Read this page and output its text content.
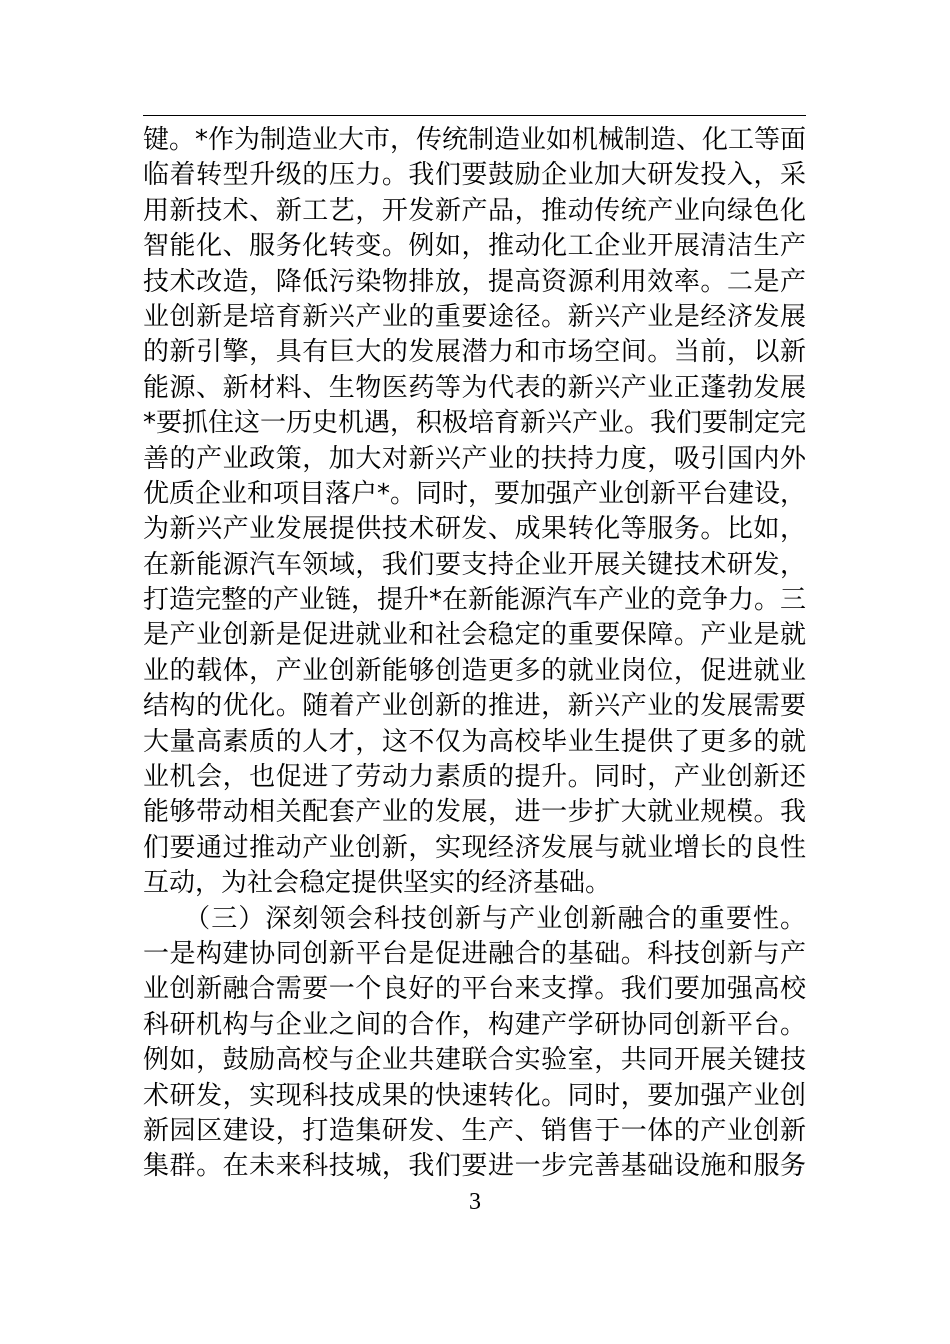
键。*作为制造业大市，传统制造业如机械制造、化工等面
临着转型升级的压力。我们要鼓励企业加大研发投入，采
用新技术、新工艺，开发新产品，推动传统产业向绿色化
智能化、服务化转变。例如，推动化工企业开展清洁生产
技术改造，降低污染物排放，提高资源利用效率。二是产
业创新是培育新兴产业的重要途径。新兴产业是经济发展
的新引擎，具有巨大的发展潜力和市场空间。当前，以新
能源、新材料、生物医药等为代表的新兴产业正蓬勃发展
*要抓住这一历史机遇，积极培育新兴产业。我们要制定完
善的产业政策，加大对新兴产业的扶持力度，吸引国内外
优质企业和项目落户*。同时，要加强产业创新平台建设，
为新兴产业发展提供技术研发、成果转化等服务。比如，
在新能源汽车领域，我们要支持企业开展关键技术研发，
打造完整的产业链，提升*在新能源汽车产业的竞争力。三
是产业创新是促进就业和社会稳定的重要保障。产业是就
业的载体，产业创新能够创造更多的就业岗位，促进就业
结构的优化。随着产业创新的推进，新兴产业的发展需要
大量高素质的人才，这不仅为高校毕业生提供了更多的就
业机会，也促进了劳动力素质的提升。同时，产业创新还
能够带动相关配套产业的发展，进一步扩大就业规模。我
们要通过推动产业创新，实现经济发展与就业增长的良性
互动，为社会稳定提供坚实的经济基础。
　　（三）深刻领会科技创新与产业创新融合的重要性。
一是构建协同创新平台是促进融合的基础。科技创新与产
业创新融合需要一个良好的平台来支撑。我们要加强高校
科研机构与企业之间的合作，构建产学研协同创新平台。
例如，鼓励高校与企业共建联合实验室，共同开展关键技
术研发，实现科技成果的快速转化。同时，要加强产业创
新园区建设，打造集研发、生产、销售于一体的产业创新
集群。在未来科技城，我们要进一步完善基础设施和服务
3
